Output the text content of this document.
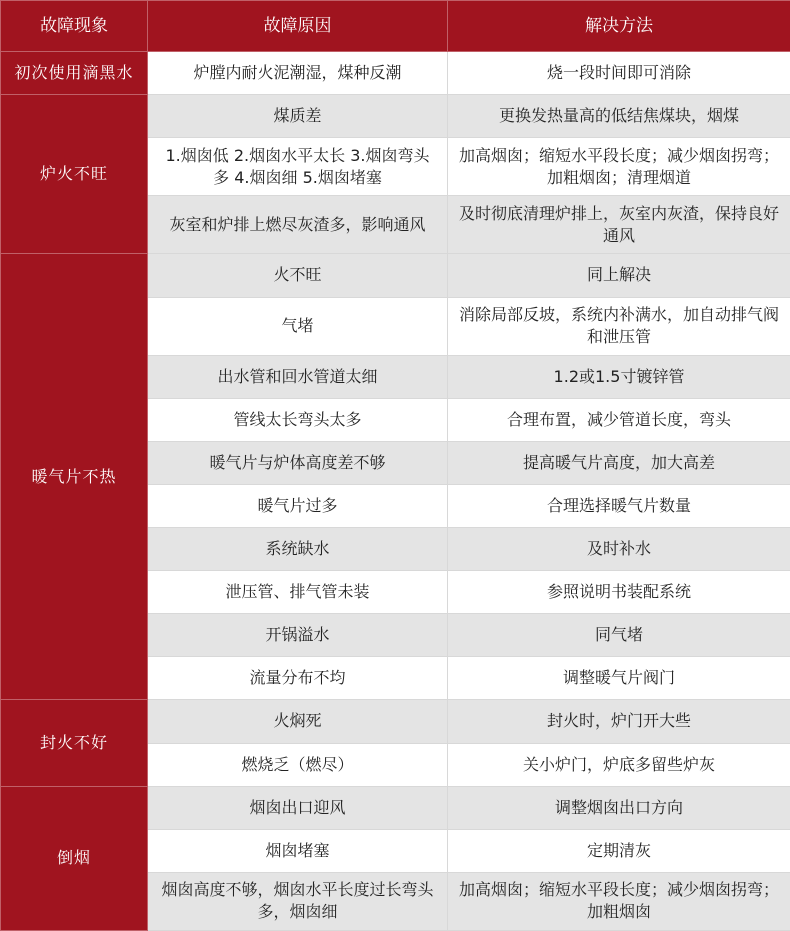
故障现象	故障原因	解决方法
初次使用滴黑水	炉膛内耐火泥潮湿，煤种反潮	烧一段时间即可消除
炉火不旺	煤质差	更换发热量高的低结焦煤块，烟煤
	1.烟囱低 2.烟囱水平太长 3.烟囱弯头多 4.烟囱细 5.烟囱堵塞	加高烟囱；缩短水平段长度；减少烟囱拐弯；加粗烟囱；清理烟道
	灰室和炉排上燃尽灰渣多，影响通风	及时彻底清理炉排上，灰室内灰渣，保持良好通风
暖气片不热	火不旺	同上解决
	气堵	消除局部反坡，系统内补满水，加自动排气阀和泄压管
	出水管和回水管道太细	1.2或1.5寸镀锌管
	管线太长弯头太多	合理布置，减少管道长度，弯头
	暖气片与炉体高度差不够	提高暖气片高度，加大高差
	暖气片过多	合理选择暖气片数量
	系统缺水	及时补水
	泄压管、排气管未装	参照说明书装配系统
	开锅溢水	同气堵
	流量分布不均	调整暖气片阀门
封火不好	火焖死	封火时，炉门开大些
	燃烧乏（燃尽）	关小炉门，炉底多留些炉灰
倒烟	烟囱出口迎风	调整烟囱出口方向
	烟囱堵塞	定期清灰
	烟囱高度不够，烟囱水平长度过长弯头多，烟囱细	加高烟囱；缩短水平段长度；减少烟囱拐弯；加粗烟囱
